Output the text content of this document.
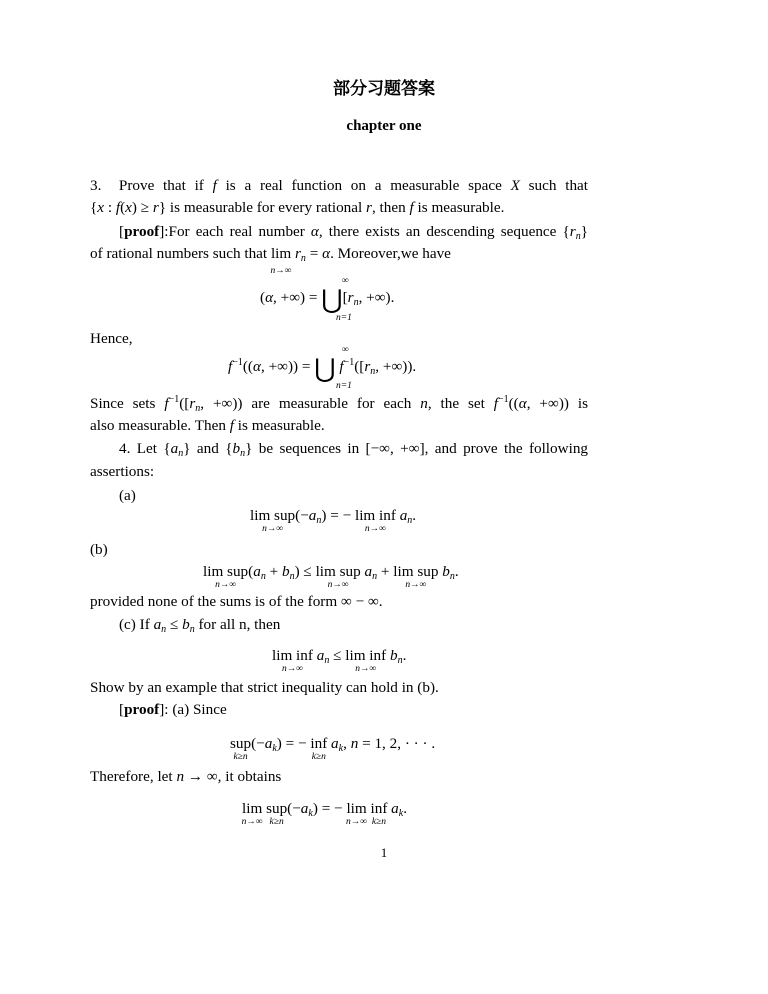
部分习题答案
chapter one
3.  Prove that if f is a real function on a measurable space X such that
{x : f(x) ≥ r} is measurable for every rational r, then f is measurable.
[proof]:For each real number α, there exists an descending sequence $\{r_n\}$
of rational numbers such that lim
n→∞
$r_n = \alpha$. Moreover,we have
(α, +∞) = $⋃[r_n$, +∞).
∞
n=1
Hence,
$f^{-1}((\alpha$, +∞)) = ⋃ $f^{-1}([r_n$, +∞)).
∞
n=1
Since sets $f^{-1}([r_n$, +∞)) are measurable for each n, the set $f^{-1}((\alpha$, +∞)) is
also measurable. Then f is measurable.
4. Let $\{a_n\}$ and $\{b_n\}$ be sequences in [−∞, +∞], and prove the following
assertions:
(a)
lim sup
n→∞
$(-a_n)$ = − lim inf
n→∞
$a_n$.
(b)
lim sup
n→∞
$(a_n + b_n) \le \lim$ sup
n→∞
$a_n + \lim$ sup
n→∞
$b_n$.
provided none of the sums is of the form ∞ − ∞.
(c) If $a_n \le b_n$ for all n, then
lim inf
n→∞
$a_n \le \lim$ inf
n→∞
$b_n$.
Show by an example that strict inequality can hold in (b).
[proof]: (a) Since
sup
k≥n
$(-a_k)$ = − inf
k≥n
$a_k$, n = 1, 2, · · · .
Therefore, let n → ∞, it obtains
lim
n→∞
sup
k≥n
$(-a_k)$ = − lim
n→∞
inf
k≥n
$a_k$.
1
